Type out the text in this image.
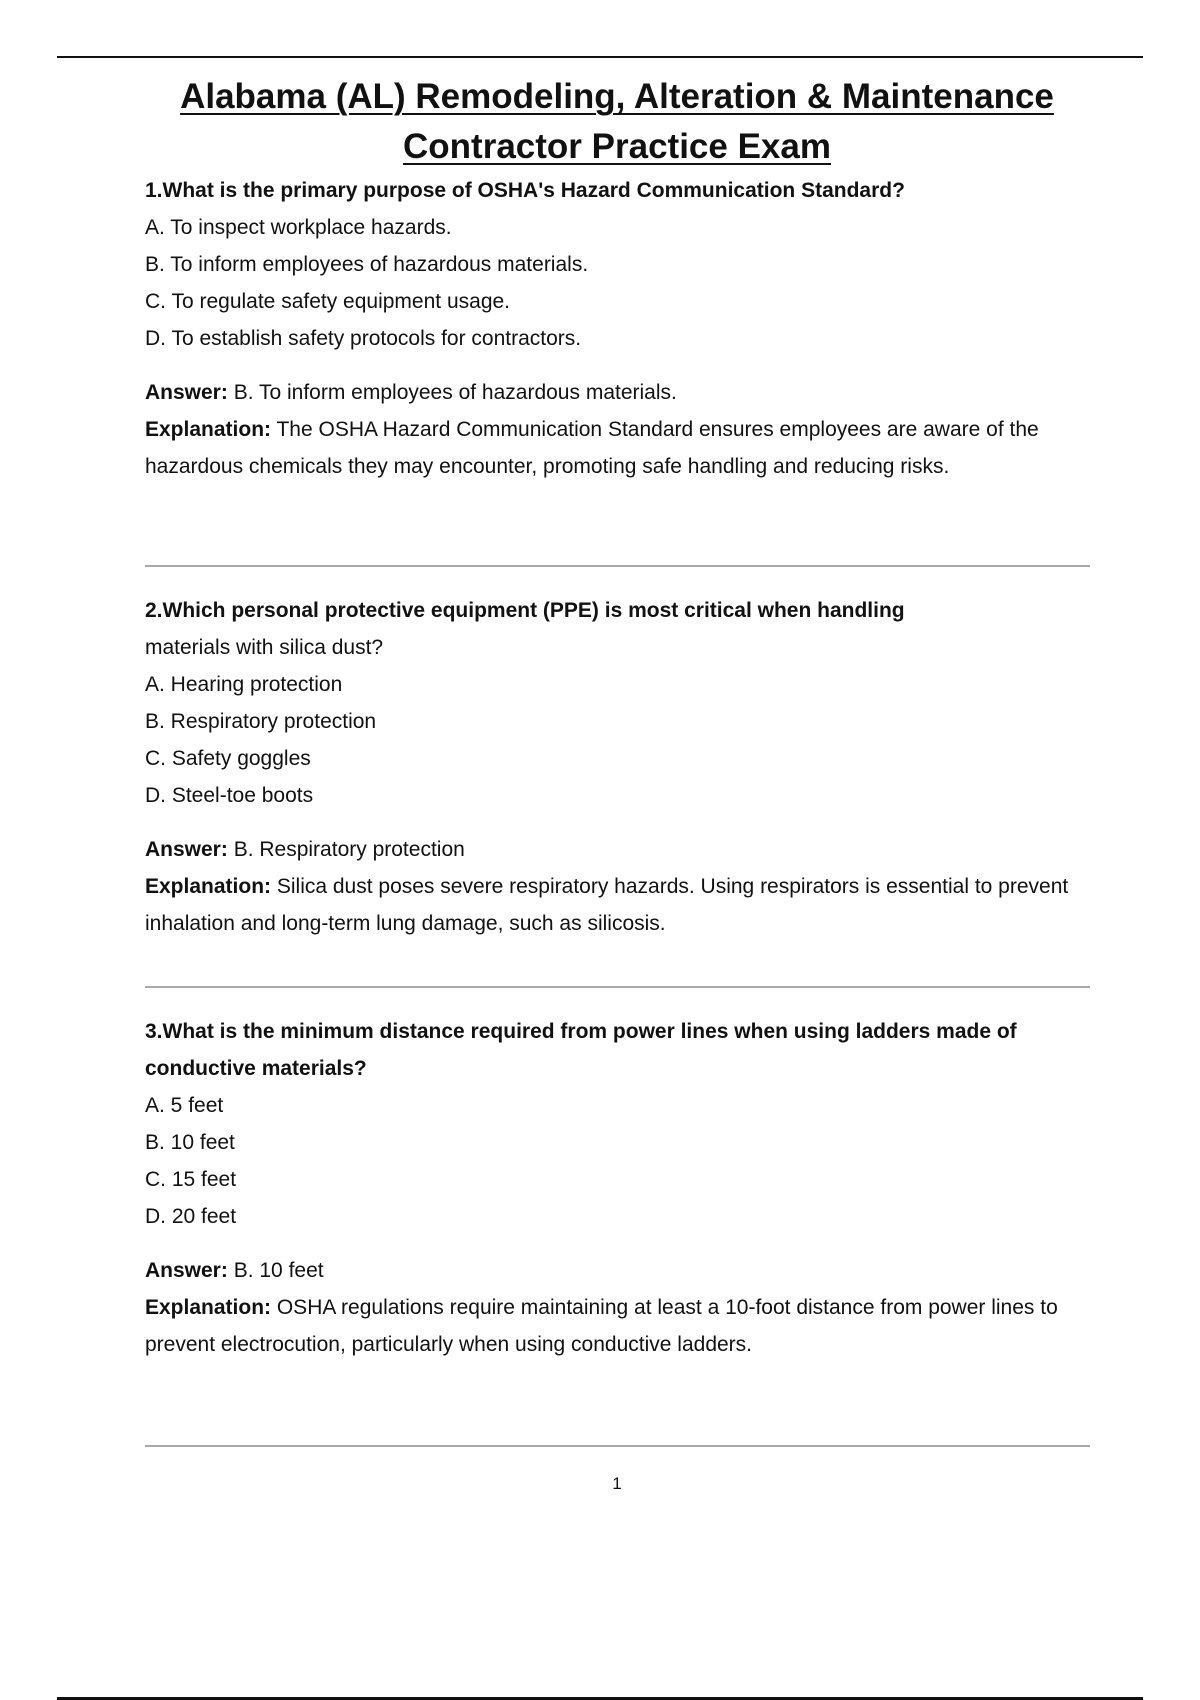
Alabama (AL) Remodeling, Alteration & Maintenance
Contractor Practice Exam
1.What is the primary purpose of OSHA's Hazard Communication Standard?
A. To inspect workplace hazards.
B. To inform employees of hazardous materials.
C. To regulate safety equipment usage.
D. To establish safety protocols for contractors.
Answer: B. To inform employees of hazardous materials.
Explanation: The OSHA Hazard Communication Standard ensures employees are aware of the hazardous chemicals they may encounter, promoting safe handling and reducing risks.
2.Which personal protective equipment (PPE) is most critical when handling
materials with silica dust?
A. Hearing protection
B. Respiratory protection
C. Safety goggles
D. Steel-toe boots
Answer: B. Respiratory protection
Explanation: Silica dust poses severe respiratory hazards. Using respirators is essential to prevent inhalation and long-term lung damage, such as silicosis.
3.What is the minimum distance required from power lines when using ladders made of conductive materials?
A. 5 feet
B. 10 feet
C. 15 feet
D. 20 feet
Answer: B. 10 feet
Explanation: OSHA regulations require maintaining at least a 10-foot distance from power lines to prevent electrocution, particularly when using conductive ladders.
1
